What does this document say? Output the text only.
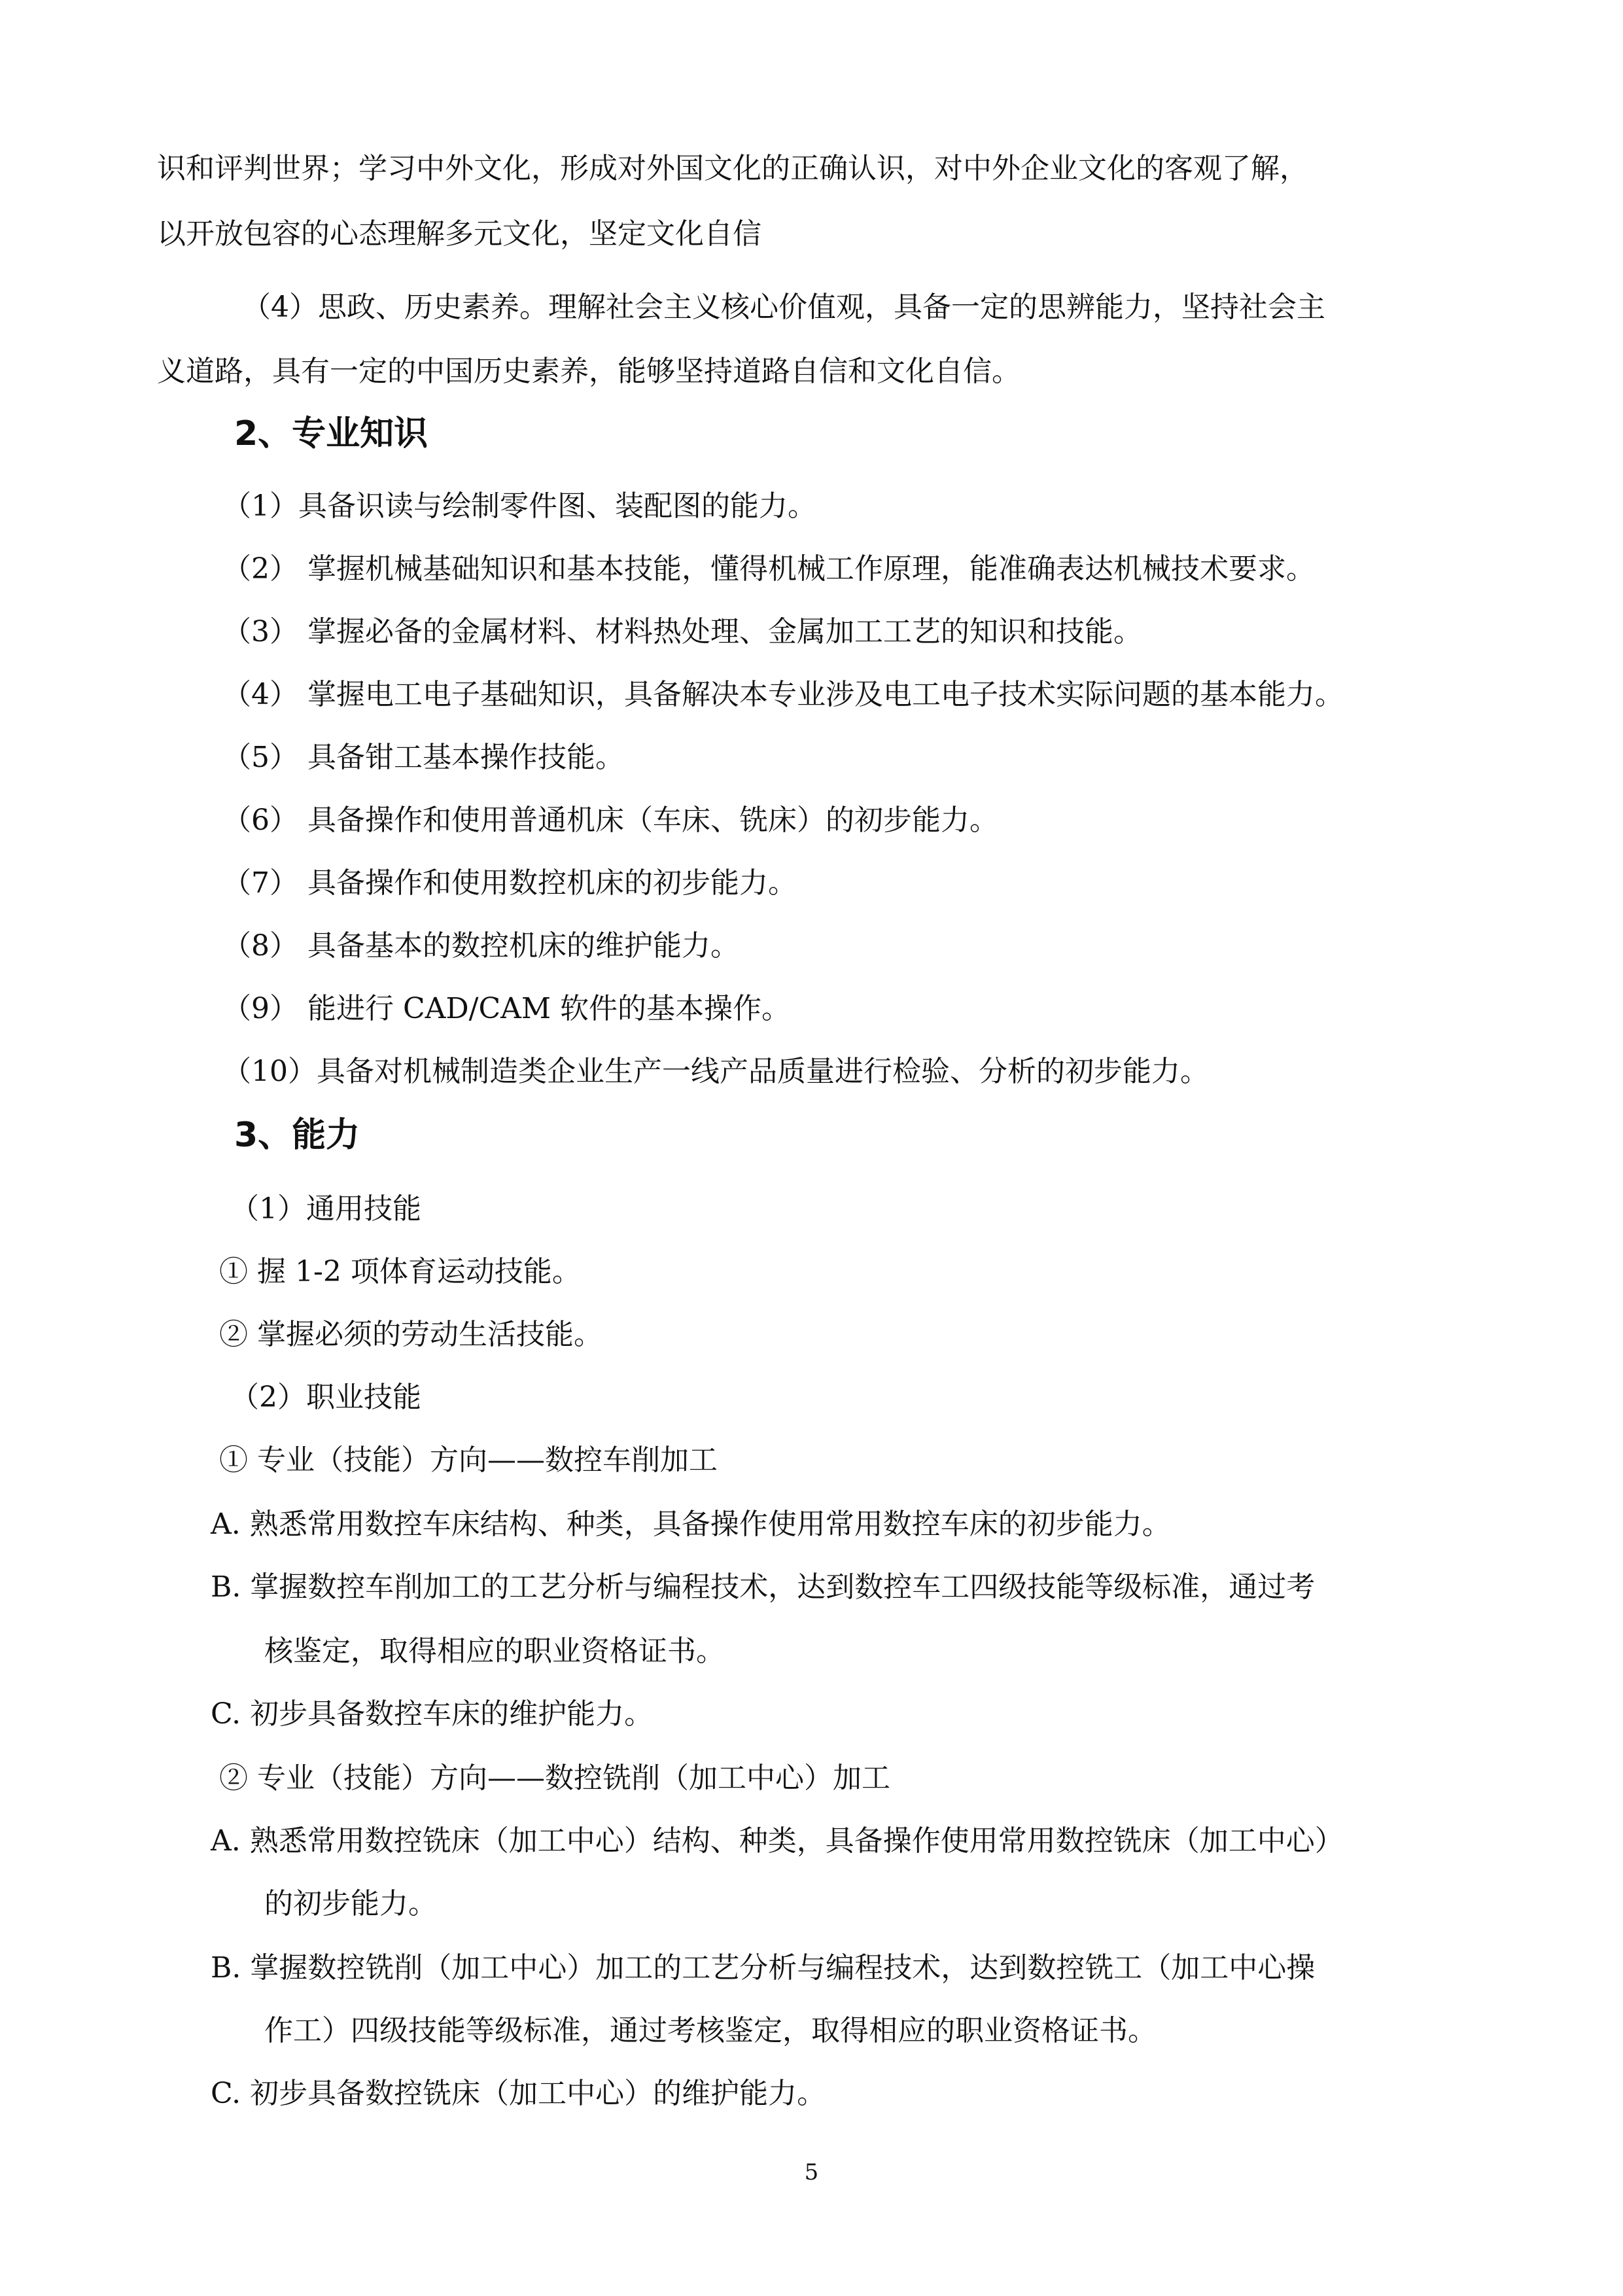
识和评判世界；学习中外文化，形成对外国文化的正确认识，对中外企业文化的客观了解，
以开放包容的心态理解多元文化，坚定文化自信
（4）思政、历史素养。理解社会主义核心价值观，具备一定的思辨能力，坚持社会主
义道路，具有一定的中国历史素养，能够坚持道路自信和文化自信。
2、专业知识
（1）具备识读与绘制零件图、装配图的能力。
（2） 掌握机械基础知识和基本技能，懂得机械工作原理，能准确表达机械技术要求。
（3） 掌握必备的金属材料、材料热处理、金属加工工艺的知识和技能。
（4） 掌握电工电子基础知识，具备解决本专业涉及电工电子技术实际问题的基本能力。
（5） 具备钳工基本操作技能。
（6） 具备操作和使用普通机床（车床、铣床）的初步能力。
（7） 具备操作和使用数控机床的初步能力。
（8） 具备基本的数控机床的维护能力。
（9） 能进行 CAD/CAM 软件的基本操作。
（10）具备对机械制造类企业生产一线产品质量进行检验、分析的初步能力。
3、能力
（1）通用技能
① 握 1-2 项体育运动技能。
② 掌握必须的劳动生活技能。
（2）职业技能
① 专业（技能）方向——数控车削加工
A. 熟悉常用数控车床结构、种类，具备操作使用常用数控车床的初步能力。
B. 掌握数控车削加工的工艺分析与编程技术，达到数控车工四级技能等级标准，通过考
核鉴定，取得相应的职业资格证书。
C. 初步具备数控车床的维护能力。
② 专业（技能）方向——数控铣削（加工中心）加工
A. 熟悉常用数控铣床（加工中心）结构、种类，具备操作使用常用数控铣床（加工中心）
的初步能力。
B. 掌握数控铣削（加工中心）加工的工艺分析与编程技术，达到数控铣工（加工中心操
作工）四级技能等级标准，通过考核鉴定，取得相应的职业资格证书。
C. 初步具备数控铣床（加工中心）的维护能力。
5
